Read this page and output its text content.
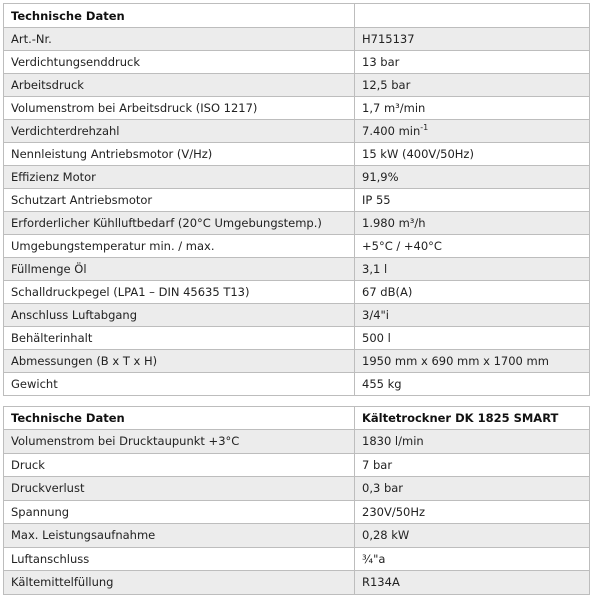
Technische Daten	
Art.-Nr.	H715137
Verdichtungsenddruck	13 bar
Arbeitsdruck	12,5 bar
Volumenstrom bei Arbeitsdruck (ISO 1217)	1,7 m³/min
Verdichterdrehzahl	7.400 $\min^{-1}$
Nennleistung Antriebsmotor (V/Hz)	15 kW (400V/50Hz)
Effizienz Motor	91,9%
Schutzart Antriebsmotor	IP 55
Erforderlicher Kühlluftbedarf (20°C Umgebungstemp.)	1.980 m³/h
Umgebungstemperatur min. / max.	+5°C / +40°C
Füllmenge Öl	3,1 l
Schalldruckpegel (LPA1 – DIN 45635 T13)	67 dB(A)
Anschluss Luftabgang	3/4"i
Behälterinhalt	500 l
Abmessungen (B x T x H)	1950 mm x 690 mm x 1700 mm
Gewicht	455 kg
Technische Daten	Kältetrockner DK 1825 SMART
Volumenstrom bei Drucktaupunkt +3°C	1830 l/min
Druck	7 bar
Druckverlust	0,3 bar
Spannung	230V/50Hz
Max. Leistungsaufnahme	0,28 kW
Luftanschluss	¾"a
Kältemittelfüllung	R134A
